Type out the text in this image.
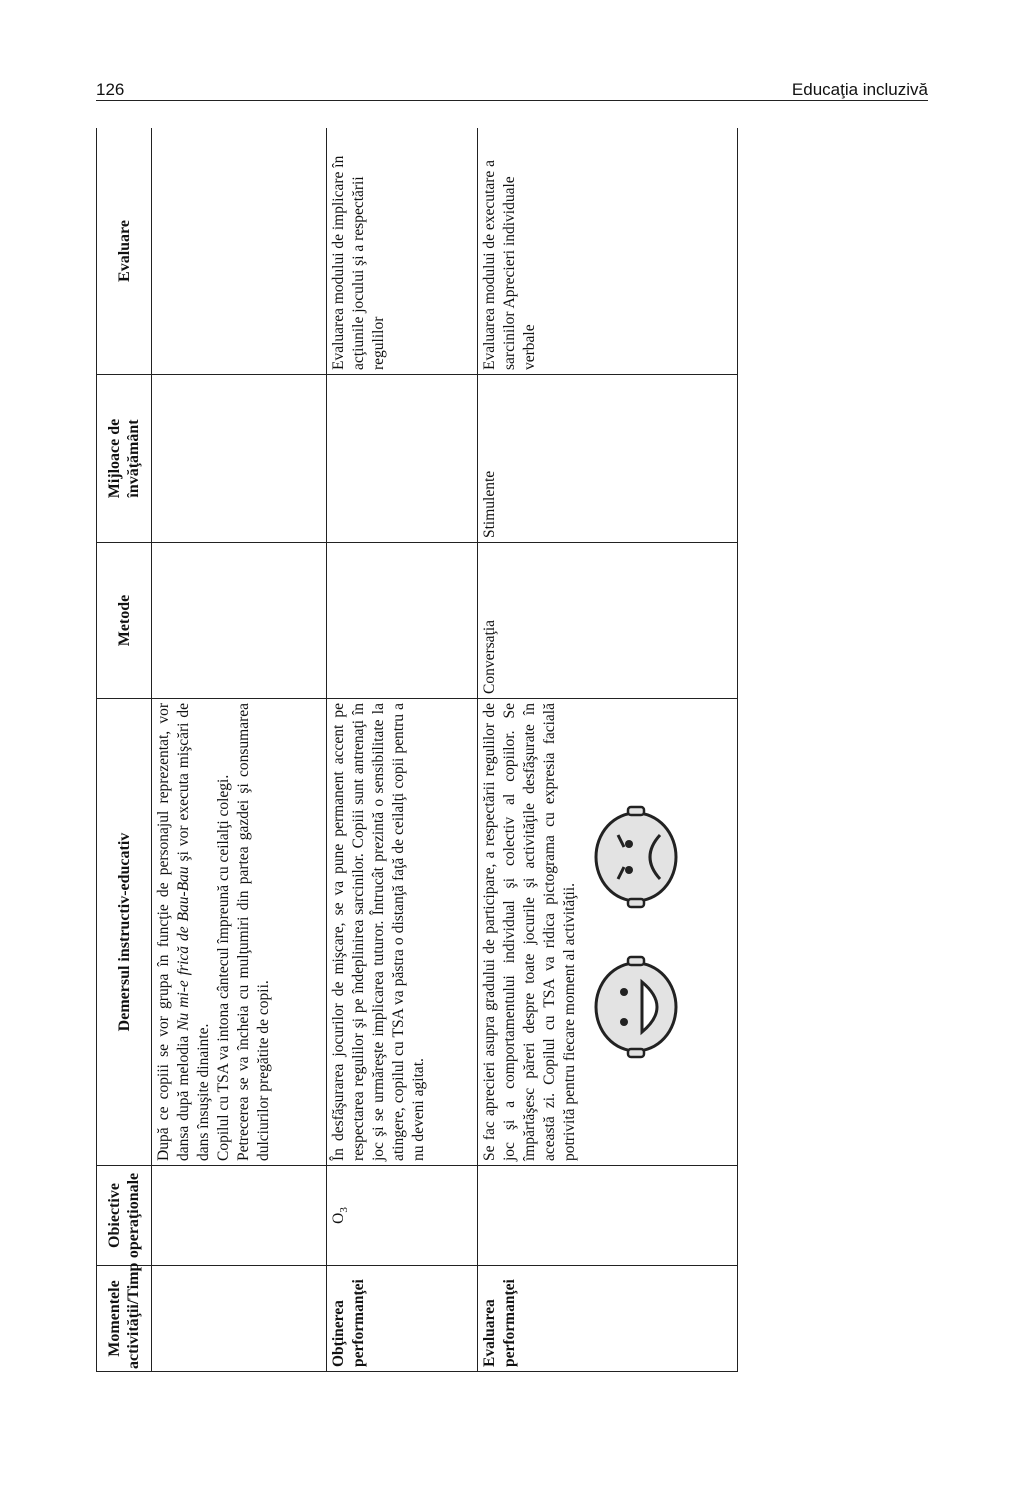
126	Educaţia incluzivă
Momentele activităţii/Timp	Obiective operaţionale	Demersul instructiv-educativ	Metode	Mijloace de învăţământ	Evaluare

		După ce copiii se vor grupa în funcţie de personajul reprezentat, vor dansa după melodia Nu mi-e frică de Bau-Bau şi vor executa mişcări de dans însuşite dinainte. Copilul cu TSA va intona cântecul împreună cu ceilalţi colegi. Petrecerea se va încheia cu mulţumiri din partea gazdei şi consumarea dulciurilor pregătite de copii.			

Obţinerea performanţei	$O_3$	În desfăşurarea jocurilor de mişcare, se va pune permanent accent pe respectarea regulilor şi pe îndeplinirea sarcinilor. Copiii sunt antrenaţi în joc şi se urmăreşte implicarea tuturor. Întrucât prezintă o sensibilitate la atingere, copilul cu TSA va păstra o distanţă faţă de ceilalţi copii pentru a nu deveni agitat.			Evaluarea modului de implicare în acţiunile jocului şi a respectării regulilor
Evaluarea performanţei		Se fac aprecieri asupra gradului de participare, a respectării regulilor de joc şi a comportamentului individual şi colectiv al copiilor. Se împărtăşesc păreri despre toate jocurile şi activităţile desfăşurate în această zi. Copilul cu TSA va ridica pictograma cu expresia facială potrivită pentru fiecare moment al activităţii.	Conversaţia	Stimulente	Evaluarea modului de executare a sarcinilor Aprecieri individuale verbale
